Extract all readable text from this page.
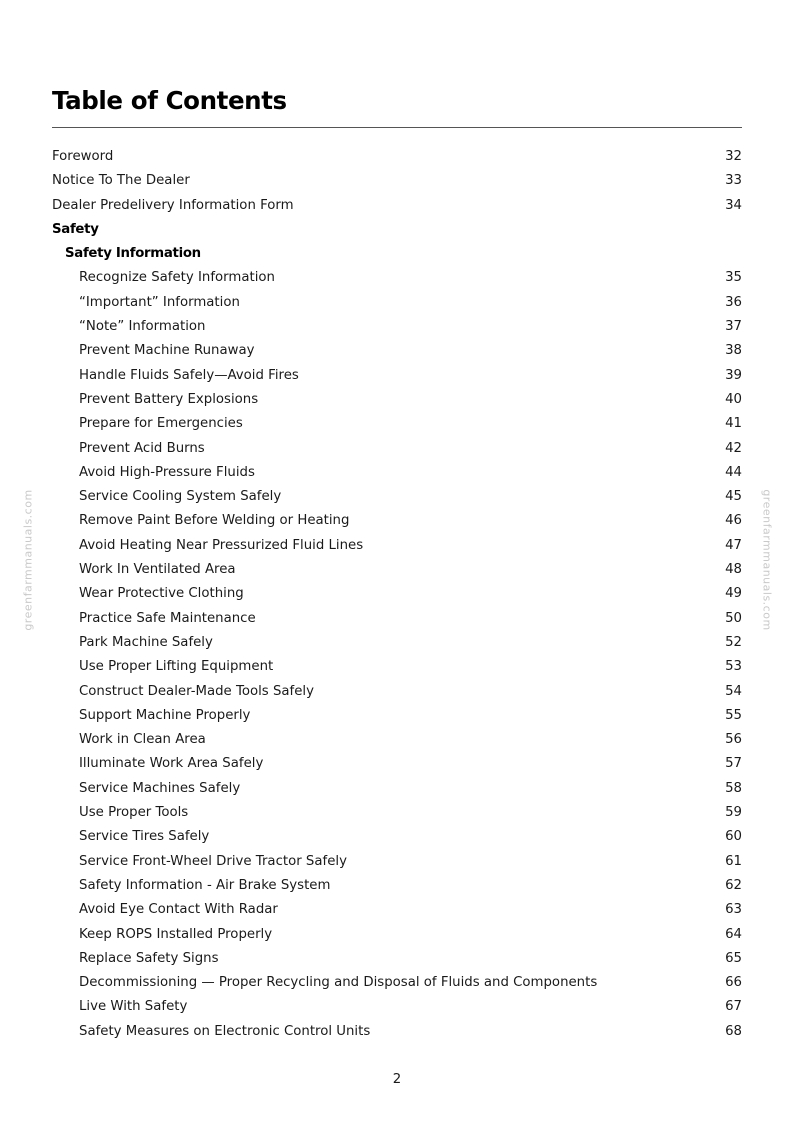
greenfarmmanuals.com	greenfarmmanuals.com
Table of Contents
Foreword	32
Notice To The Dealer	33
Dealer Predelivery Information Form	34
Safety
Safety Information
Recognize Safety Information	35
“Important” Information	36
“Note” Information	37
Prevent Machine Runaway	38
Handle Fluids Safely—Avoid Fires	39
Prevent Battery Explosions	40
Prepare for Emergencies	41
Prevent Acid Burns	42
Avoid High-Pressure Fluids	44
Service Cooling System Safely	45
Remove Paint Before Welding or Heating	46
Avoid Heating Near Pressurized Fluid Lines	47
Work In Ventilated Area	48
Wear Protective Clothing	49
Practice Safe Maintenance	50
Park Machine Safely	52
Use Proper Lifting Equipment	53
Construct Dealer-Made Tools Safely	54
Support Machine Properly	55
Work in Clean Area	56
Illuminate Work Area Safely	57
Service Machines Safely	58
Use Proper Tools	59
Service Tires Safely	60
Service Front-Wheel Drive Tractor Safely	61
Safety Information - Air Brake System	62
Avoid Eye Contact With Radar	63
Keep ROPS Installed Properly	64
Replace Safety Signs	65
Decommissioning — Proper Recycling and Disposal of Fluids and Components	66
Live With Safety	67
Safety Measures on Electronic Control Units	68
2
